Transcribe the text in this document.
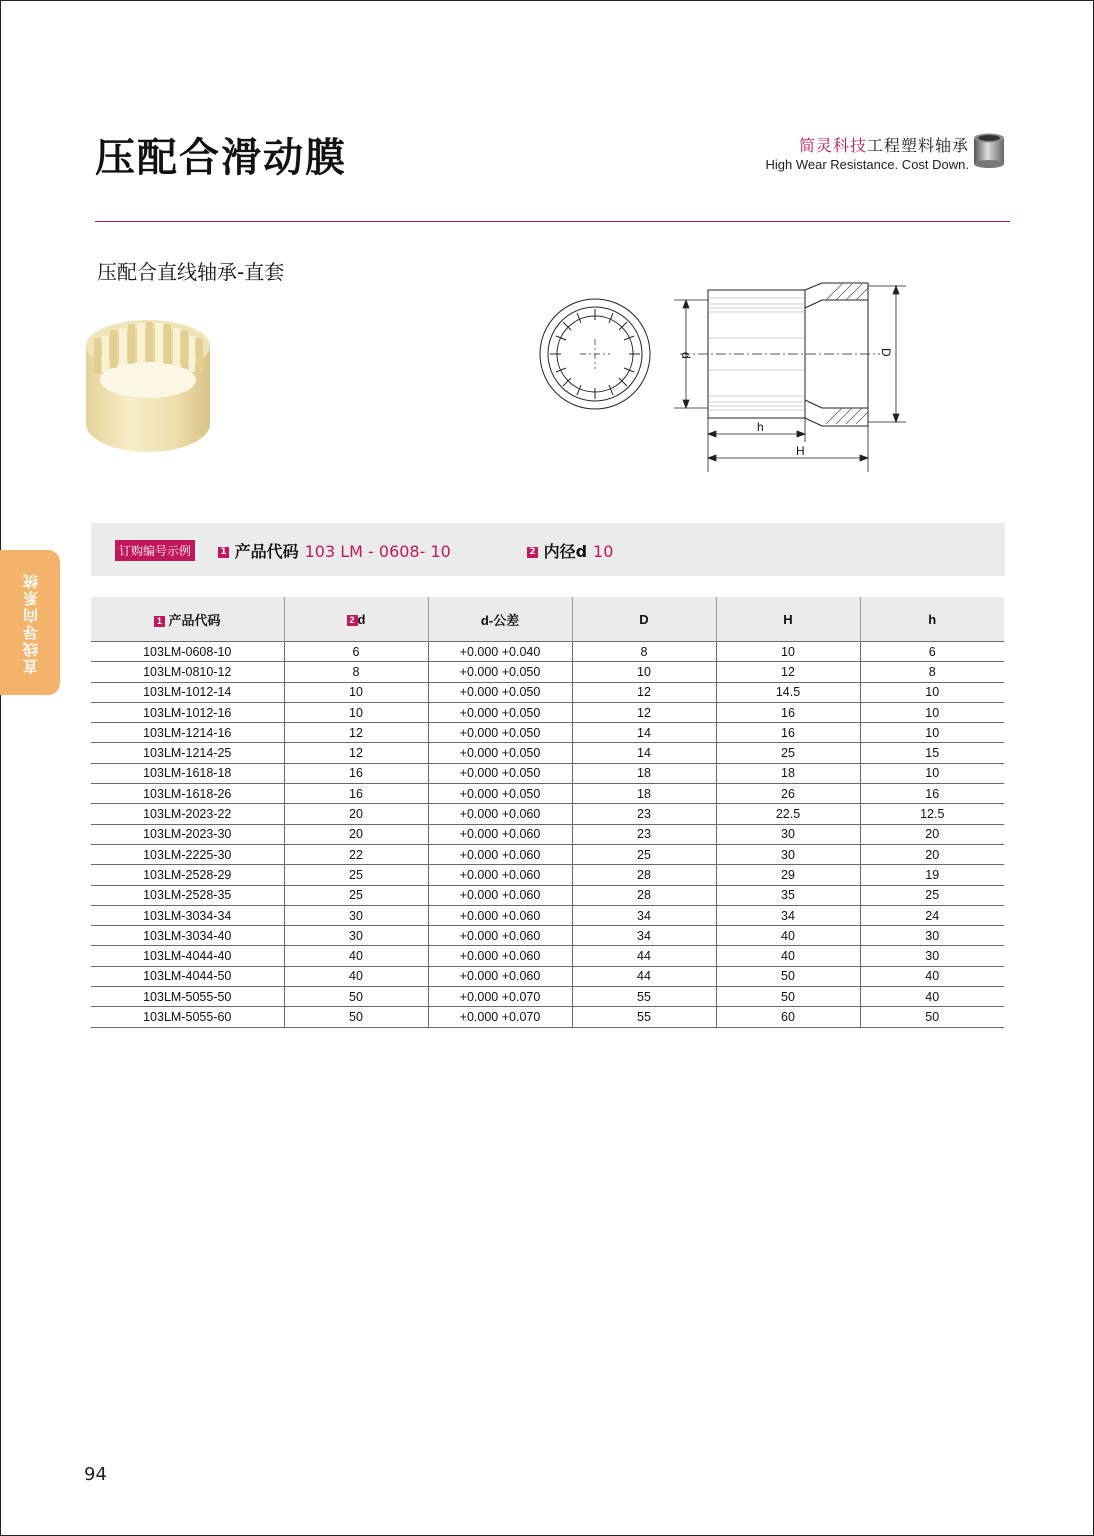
压配合滑动膜	简灵科技工程塑料轴承
High Wear Resistance. Cost Down.
压配合直线轴承-直套
d	D
h
H
直线导向系统
订购编号示例	1 产品代码 103 LM - 0608- 10	2 内径d 10
1 产品代码	2 d	d-公差	D	H	h
103LM-0608-10	6	+0.000 +0.040	8	10	6
103LM-0810-12	8	+0.000 +0.050	10	12	8
103LM-1012-14	10	+0.000 +0.050	12	14.5	10
103LM-1012-16	10	+0.000 +0.050	12	16	10
103LM-1214-16	12	+0.000 +0.050	14	16	10
103LM-1214-25	12	+0.000 +0.050	14	25	15
103LM-1618-18	16	+0.000 +0.050	18	18	10
103LM-1618-26	16	+0.000 +0.050	18	26	16
103LM-2023-22	20	+0.000 +0.060	23	22.5	12.5
103LM-2023-30	20	+0.000 +0.060	23	30	20
103LM-2225-30	22	+0.000 +0.060	25	30	20
103LM-2528-29	25	+0.000 +0.060	28	29	19
103LM-2528-35	25	+0.000 +0.060	28	35	25
103LM-3034-34	30	+0.000 +0.060	34	34	24
103LM-3034-40	30	+0.000 +0.060	34	40	30
103LM-4044-40	40	+0.000 +0.060	44	40	30
103LM-4044-50	40	+0.000 +0.060	44	50	40
103LM-5055-50	50	+0.000 +0.070	55	50	40
103LM-5055-60	50	+0.000 +0.070	55	60	50
94
